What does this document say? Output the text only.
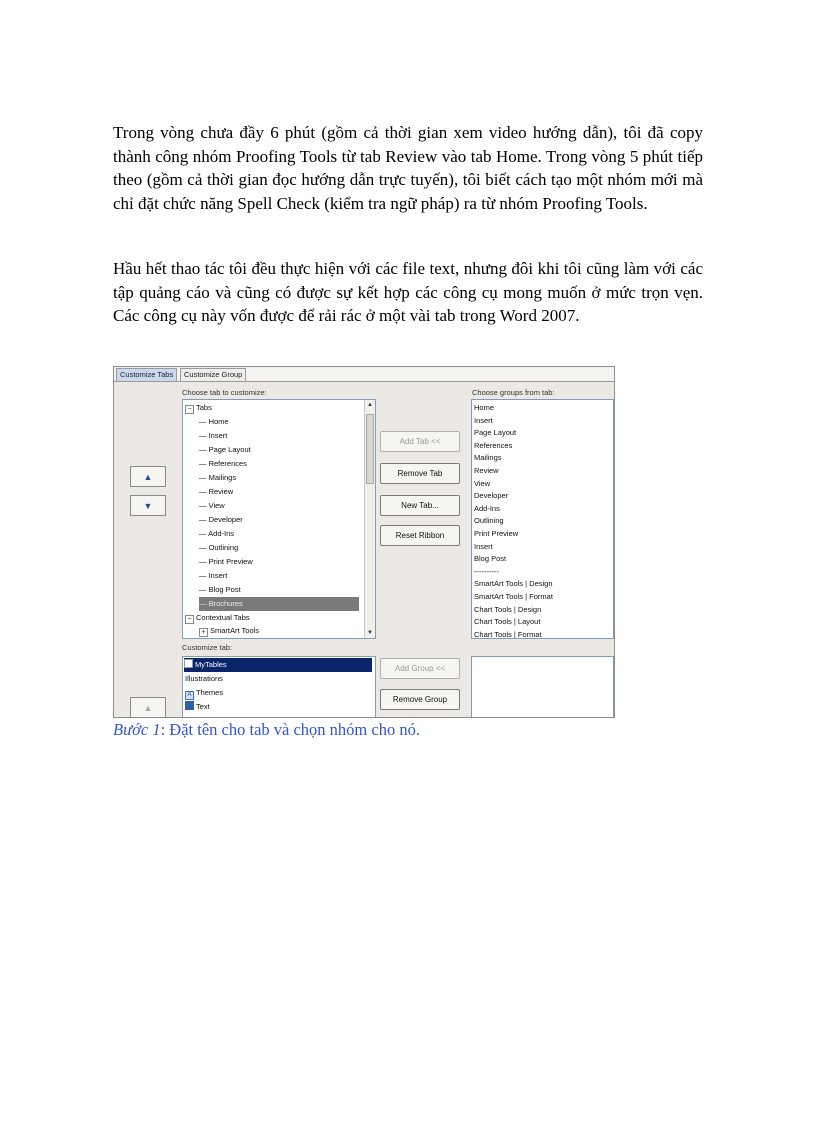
Trong vòng chưa đầy 6 phút (gồm cả thời gian xem video hướng dẫn), tôi đã copy thành công nhóm Proofing Tools từ tab Review vào tab Home. Trong vòng 5 phút tiếp theo (gồm cả thời gian đọc hướng dẫn trực tuyến), tôi biết cách tạo một nhóm mới mà chỉ đặt chức năng Spell Check (kiểm tra ngữ pháp) ra từ nhóm Proofing Tools.

Hầu hết thao tác tôi đều thực hiện với các file text, nhưng đôi khi tôi cũng làm với các tập quảng cáo và cũng có được sự kết hợp các công cụ mong muốn ở mức trọn vẹn. Các công cụ này vốn được để rải rác ở một vài tab trong Word 2007.

Customize Tabs	Customize Group
▲
▼
▲
Choose tab to customize:
− Tabs
— Home
— Insert
— Page Layout
— References
— Mailings
— Review
— View
— Developer
— Add-Ins
— Outlining
— Print Preview
— Insert
— Blog Post
— Brochures
− Contextual Tabs
+ SmartArt Tools
▲
▼
Add Tab <<
Remove Tab
New Tab...
Reset Ribbon
Add Group <<
Remove Group
Choose groups from tab:
Home
Insert
Page Layout
References
Mailings
Review
View
Developer
Add-Ins
Outlining
Print Preview
Insert
Blog Post
----------
SmartArt Tools | Design
SmartArt Tools | Format
Chart Tools | Design
Chart Tools | Layout
Chart Tools | Format
Customize tab:
MyTables
Illustrations
A Themes
Text

Bước 1: Đặt tên cho tab và chọn nhóm cho nó.
